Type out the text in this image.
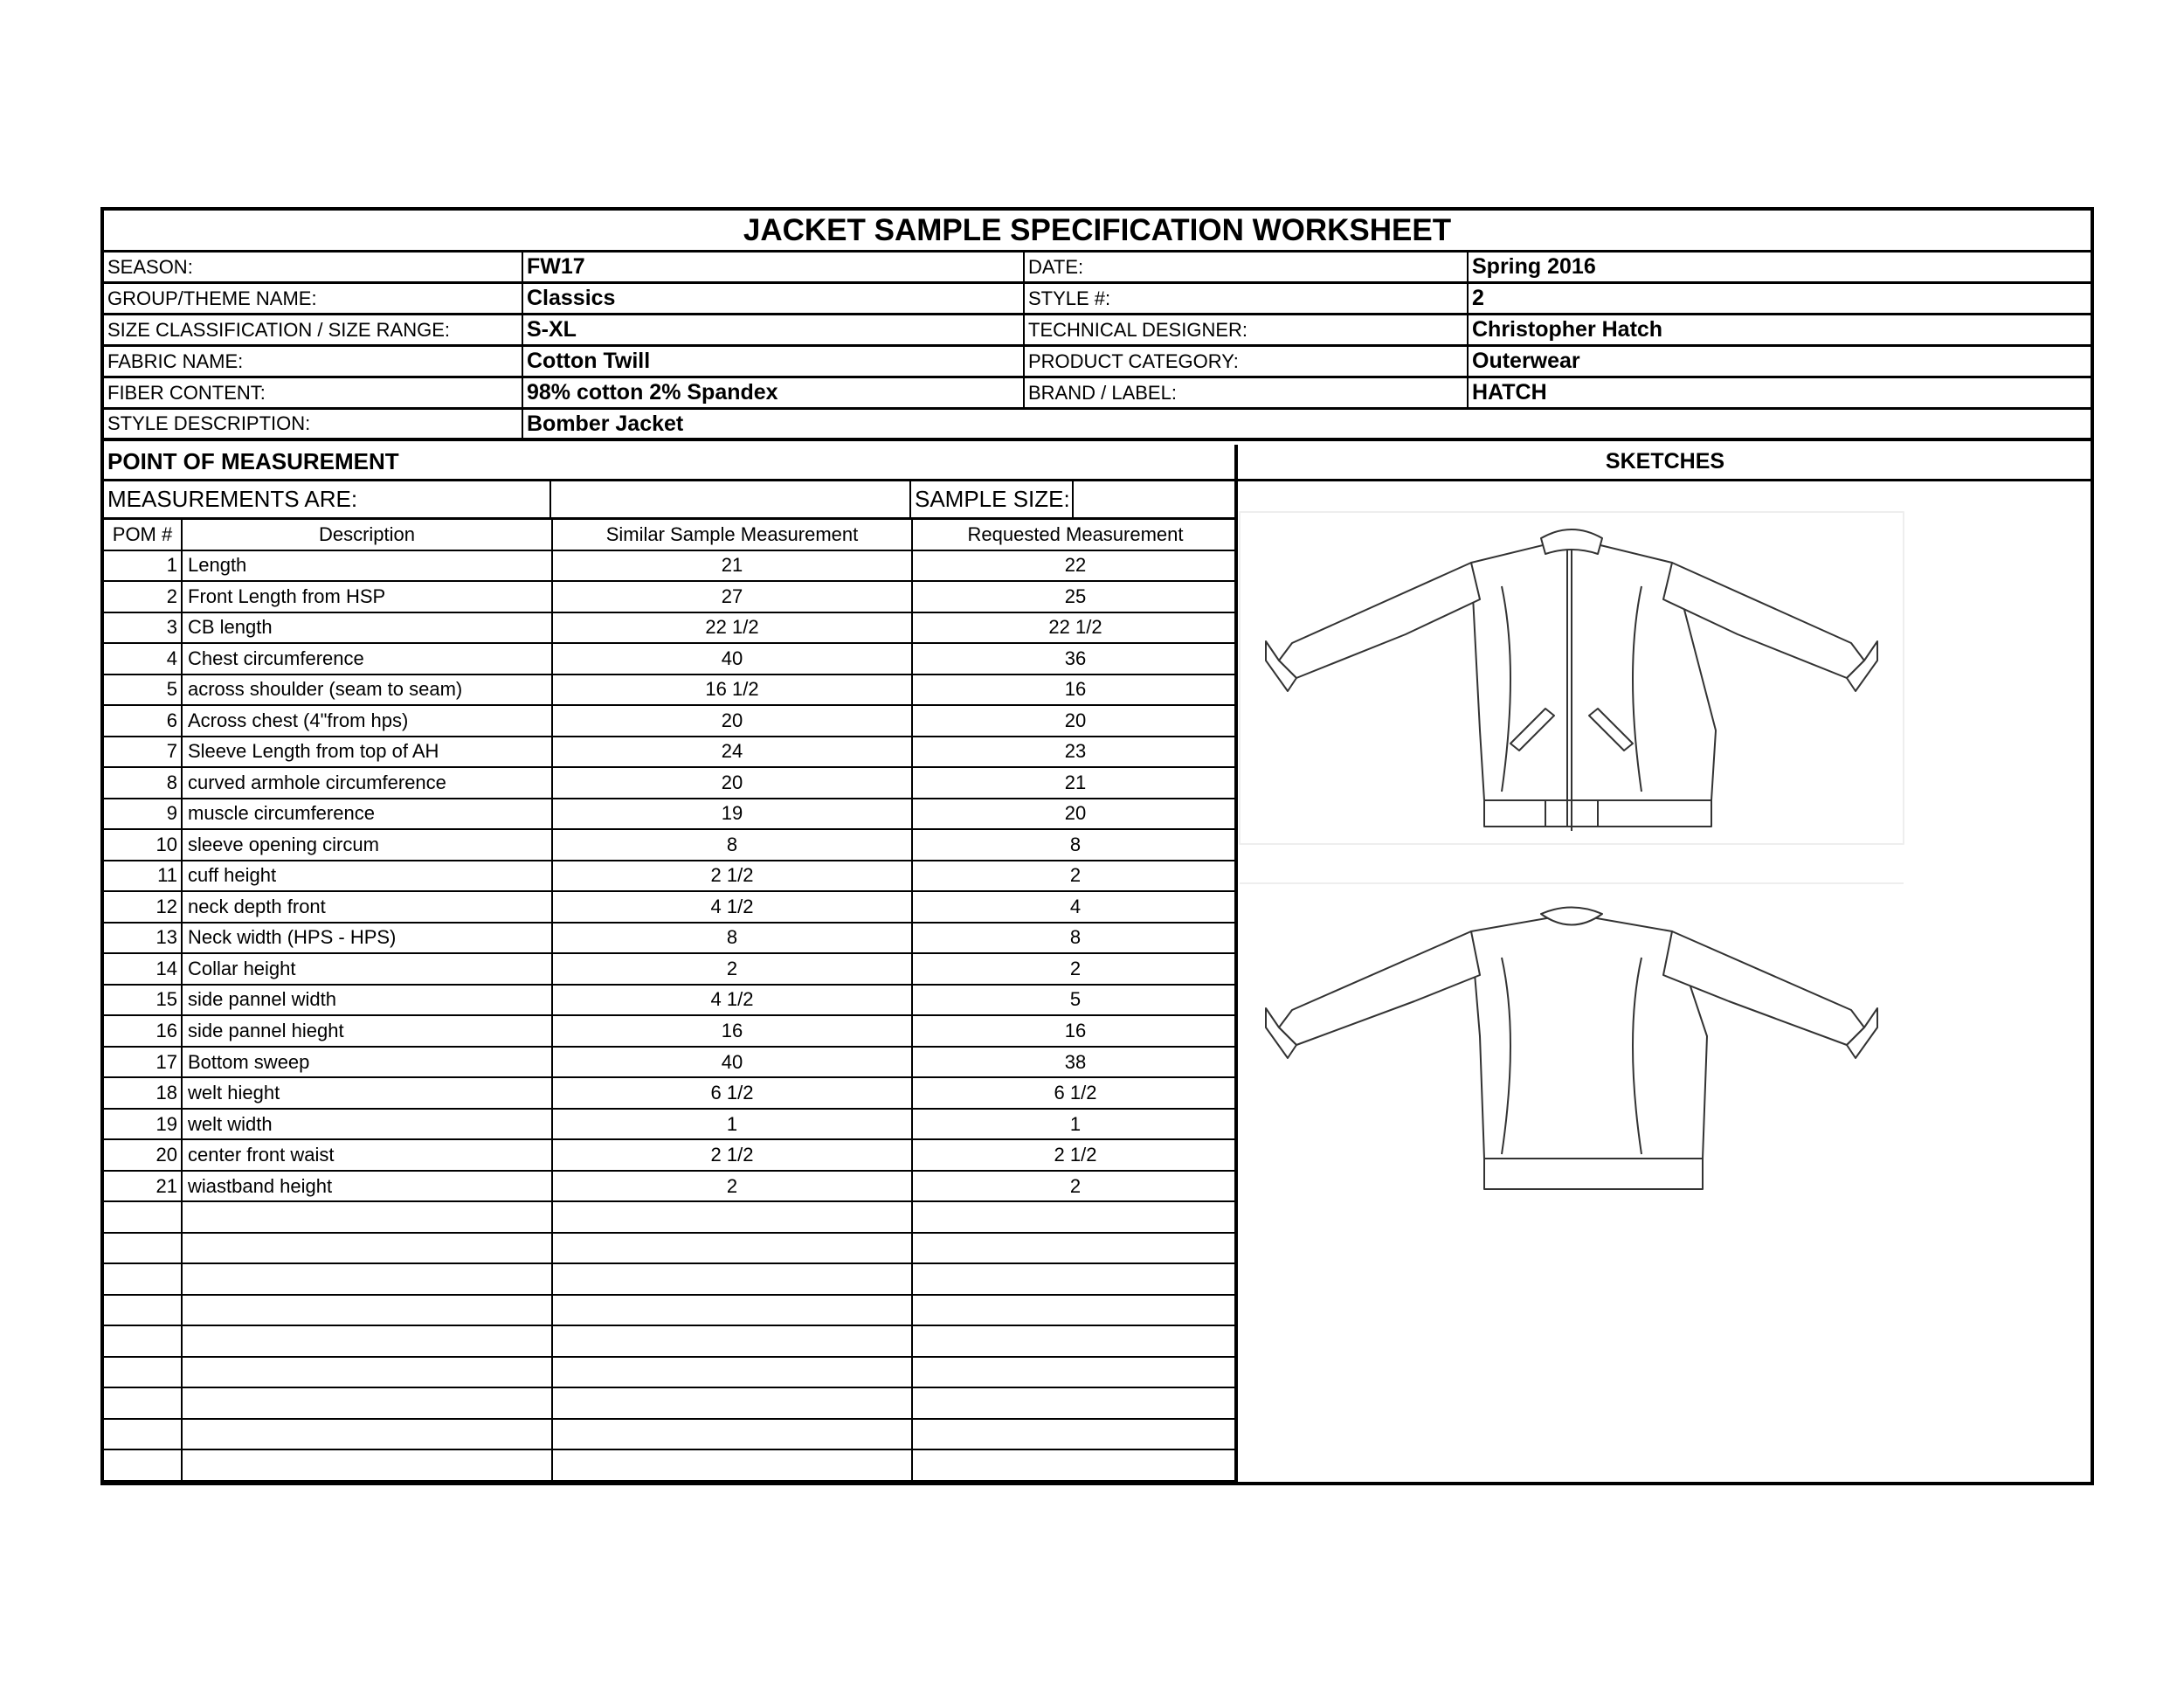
JACKET SAMPLE SPECIFICATION WORKSHEET
SEASON:	FW17	DATE:	Spring 2016
GROUP/THEME NAME:	Classics	STYLE #:	2
SIZE CLASSIFICATION / SIZE RANGE:	S-XL	TECHNICAL DESIGNER:	Christopher Hatch
FABRIC NAME:	Cotton Twill	PRODUCT CATEGORY:	Outerwear
FIBER CONTENT:	98% cotton 2% Spandex	BRAND / LABEL:	HATCH
STYLE DESCRIPTION:	Bomber Jacket
POINT OF MEASUREMENT	SKETCHES
MEASUREMENTS ARE:	SAMPLE SIZE:
POM #	Description	Similar Sample Measurement	Requested Measurement
1 Length	21	22
2 Front Length from HSP	27	25
3 CB length	22 1/2	22 1/2
4 Chest circumference	40	36
5 across shoulder (seam to seam)	16 1/2	16
6 Across chest (4"from hps)	20	20
7 Sleeve Length from top of AH	24	23
8 curved armhole circumference	20	21
9 muscle circumference	19	20
10 sleeve opening circum	8	8
11 cuff height	2 1/2	2
12 neck depth front	4 1/2	4
13 Neck width (HPS - HPS)	8	8
14 Collar height	2	2
15 side pannel width	4 1/2	5
16 side pannel hieght	16	16
17 Bottom sweep	40	38
18 welt hieght	6 1/2	6 1/2
19 welt width	1	1
20 center front waist	2 1/2	2 1/2
21 wiastband height	2	2
